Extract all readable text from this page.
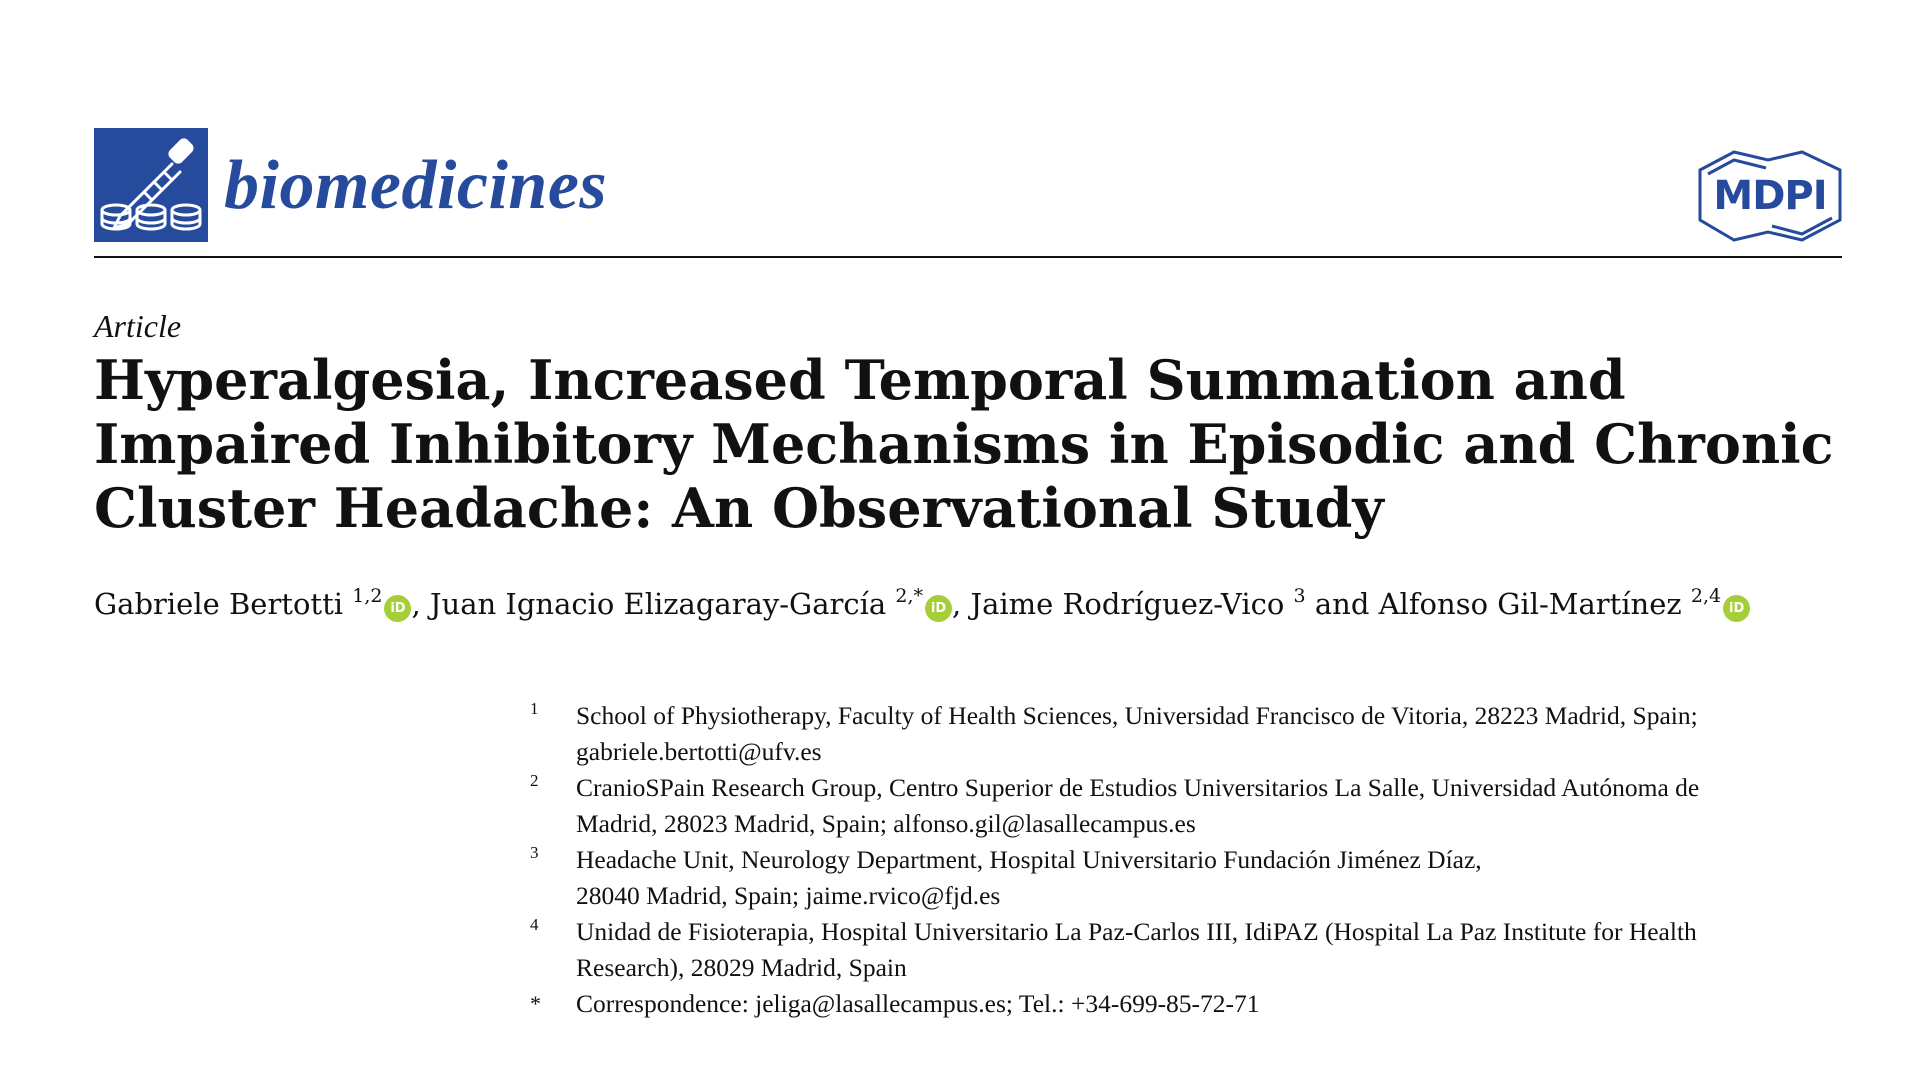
biomedicines	MDPI
Article
Hyperalgesia, Increased Temporal Summation and Impaired Inhibitory Mechanisms in Episodic and Chronic Cluster Headache: An Observational Study
Gabriele Bertotti $^{1,2}$iD , Juan Ignacio Elizagaray-García $^{2,*}$iD , Jaime Rodríguez-Vico $^3$ and Alfonso Gil-Martínez $^{2,4}$iD
1 School of Physiotherapy, Faculty of Health Sciences, Universidad Francisco de Vitoria, 28223 Madrid, Spain;
gabriele.bertotti@ufv.es
2 CranioSPain Research Group, Centro Superior de Estudios Universitarios La Salle, Universidad Autónoma de
Madrid, 28023 Madrid, Spain; alfonso.gil@lasallecampus.es
3 Headache Unit, Neurology Department, Hospital Universitario Fundación Jiménez Díaz,
28040 Madrid, Spain; jaime.rvico@fjd.es
4 Unidad de Fisioterapia, Hospital Universitario La Paz-Carlos III, IdiPAZ (Hospital La Paz Institute for Health
Research), 28029 Madrid, Spain
* Correspondence: jeliga@lasallecampus.es; Tel.: +34-699-85-72-71
